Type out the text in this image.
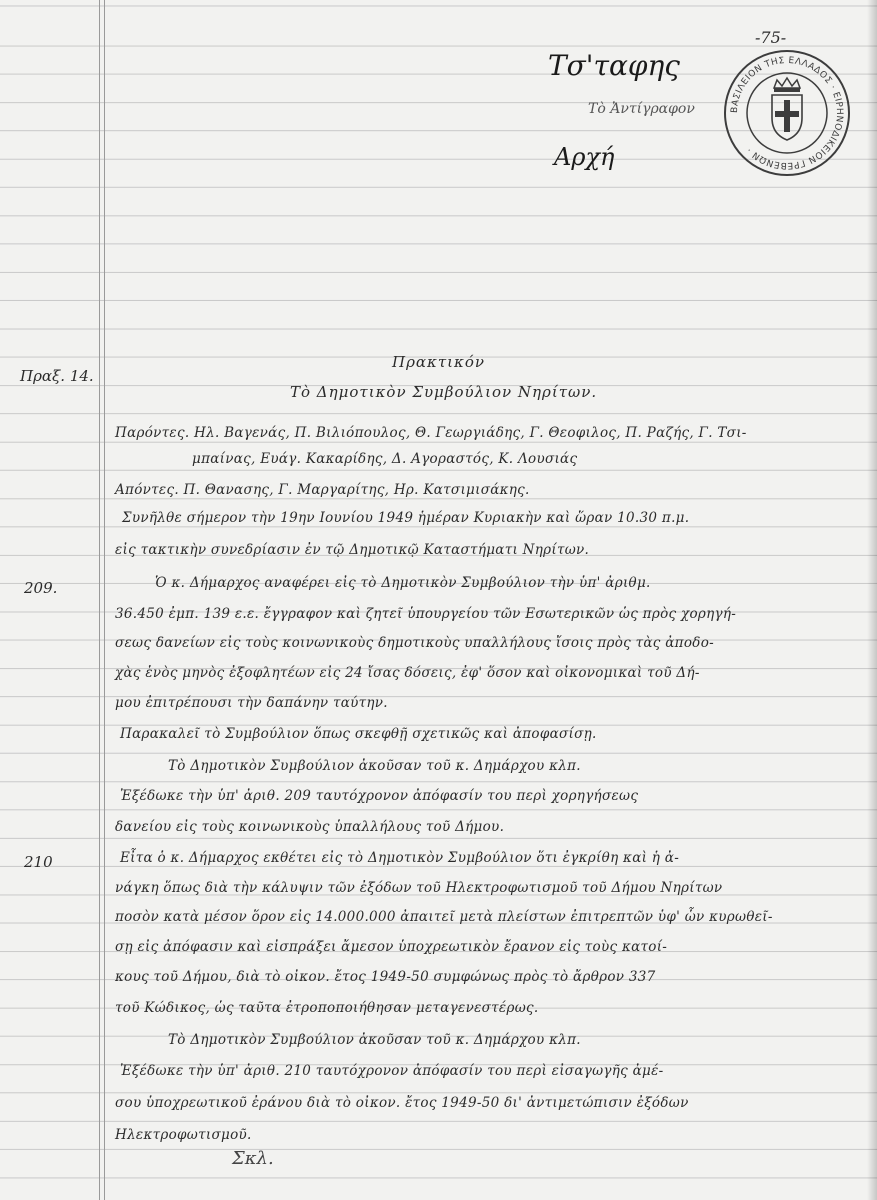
-75-
Τσ'ταφης
Τὸ Ἀντίγραφον
Αρχή
ΒΑΣΙΛΕΙΟΝ ΤΗΣ ΕΛΛΑΔΟΣ · ΕΙΡΗΝΟΔΙΚΕΙΟΝ ΓΡΕΒΕΝΩΝ ·
Πραξ. 14.
Πρακτικόν
Τὸ Δημοτικὸν Συμβούλιον Νηρίτων.
Παρόντες. Ηλ. Βαγενάς, Π. Βιλιόπουλος, Θ. Γεωργιάδης, Γ. Θεοφιλος, Π. Ραζής, Γ. Τσι-
μπαίνας, Ευάγ. Κακαρίδης, Δ. Αγοραστός, Κ. Λουσιάς
Απόντες. Π. Θανασης, Γ. Μαργαρίτης, Ηρ. Κατσιμισάκης.
Συνῆλθε σήμερον τὴν 19ην Ιουνίου 1949 ἡμέραν Κυριακὴν καὶ ὥραν 10.30 π.μ.
εἰς τακτικὴν συνεδρίασιν ἐν τῷ Δημοτικῷ Καταστήματι Νηρίτων.
209.	Ὁ κ. Δήμαρχος αναφέρει εἰς τὸ Δημοτικὸν Συμβούλιον τὴν ὑπ' ἀριθμ.
36.450 ἐμπ. 139 ε.ε. ἔγγραφον καὶ ζητεῖ ὑπουργείου τῶν Εσωτερικῶν ὡς πρὸς χορηγή-
σεως δανείων εἰς τοὺς κοινωνικοὺς δημοτικοὺς υπαλλήλους ἴσοις πρὸς τὰς ἀποδο-
χὰς ἑνὸς μηνὸς ἐξοφλητέων εἰς 24 ἴσας δόσεις, ἐφ' ὅσον καὶ οἰκονομικαὶ τοῦ Δή-
μου ἐπιτρέπουσι τὴν δαπάνην ταύτην.
Παρακαλεῖ τὸ Συμβούλιον ὅπως σκεφθῇ σχετικῶς καὶ ἀποφασίσῃ.
Τὸ Δημοτικὸν Συμβούλιον ἀκοῦσαν τοῦ κ. Δημάρχου κλπ.
Ἐξέδωκε τὴν ὑπ' ἀριθ. 209 ταυτόχρονον ἀπόφασίν του περὶ χορηγήσεως
δανείου εἰς τοὺς κοινωνικοὺς ὑπαλλήλους τοῦ Δήμου.
210	Εἶτα ὁ κ. Δήμαρχος εκθέτει εἰς τὸ Δημοτικὸν Συμβούλιον ὅτι ἐγκρίθη καὶ ἡ ἀ-
νάγκη ὅπως διὰ τὴν κάλυψιν τῶν ἐξόδων τοῦ Ηλεκτροφωτισμοῦ τοῦ Δήμου Νηρίτων
ποσὸν κατὰ μέσον ὅρον εἰς 14.000.000 ἀπαιτεῖ μετὰ πλείστων ἐπιτρεπτῶν ὑφ' ὧν κυρωθεῖ-
σῃ εἰς ἀπόφασιν καὶ εἰσπράξει ἄμεσον ὑποχρεωτικὸν ἔρανον εἰς τοὺς κατοί-
κους τοῦ Δήμου, διὰ τὸ οἰκον. ἔτος 1949-50 συμφώνως πρὸς τὸ ἄρθρον 337
τοῦ Κώδικος, ὡς ταῦτα ἐτροποποιήθησαν μεταγενεστέρως.
Τὸ Δημοτικὸν Συμβούλιον ἀκοῦσαν τοῦ κ. Δημάρχου κλπ.
Ἐξέδωκε τὴν ὑπ' ἀριθ. 210 ταυτόχρονον ἀπόφασίν του περὶ εἰσαγωγῆς ἀμέ-
σου ὑποχρεωτικοῦ ἐράνου διὰ τὸ οἰκον. ἔτος 1949-50 δι' ἀντιμετώπισιν ἐξόδων
Ηλεκτροφωτισμοῦ.
Σκλ.
